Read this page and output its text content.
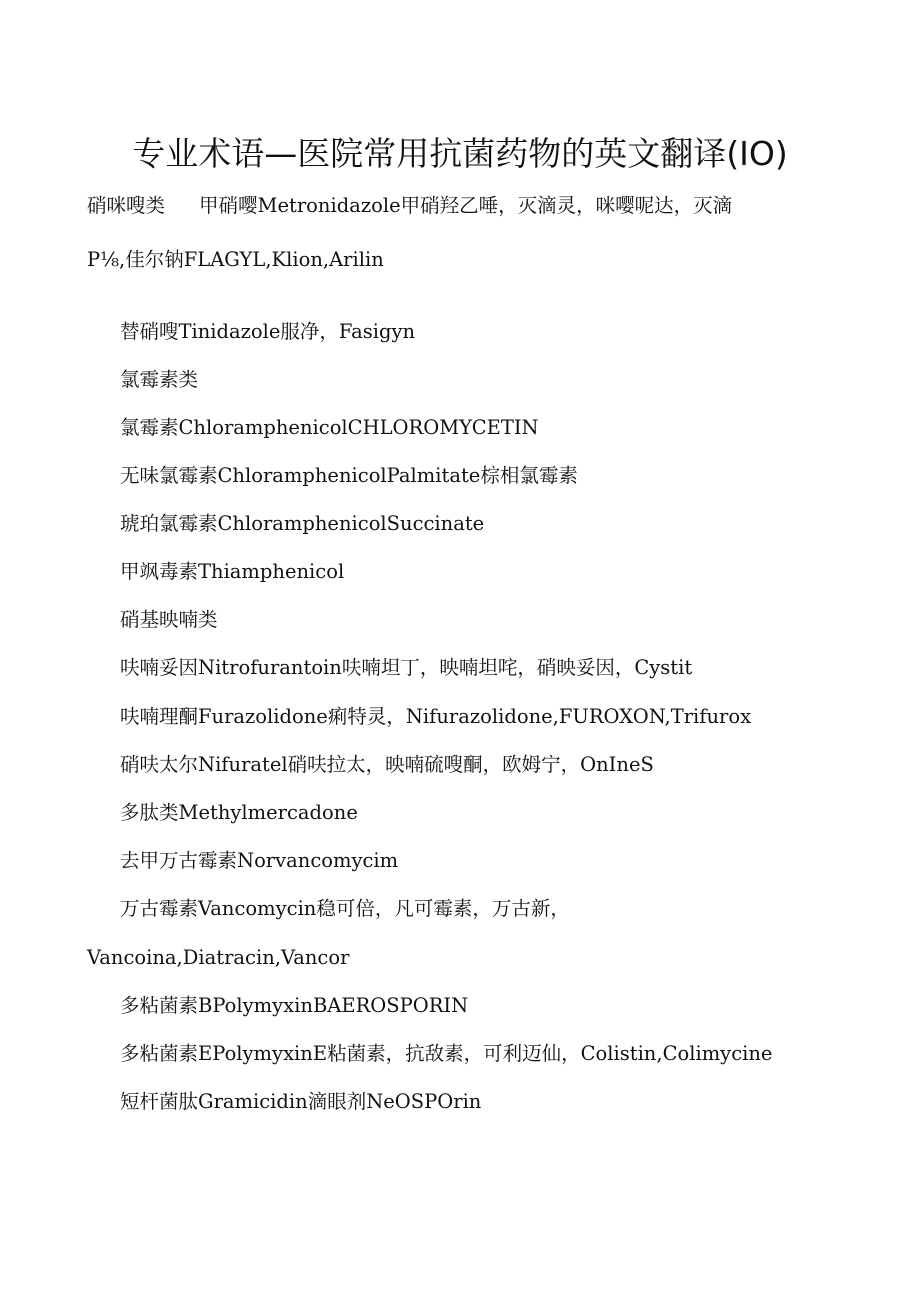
专业术语—医院常用抗菌药物的英文翻译(IO)
硝咪嗖类 甲硝嘤Metronidazole甲硝羟乙唾，灭滴灵，咪嘤呢达，灭滴
P⅛,佳尔钠FLAGYL,Klion,Arilin
替硝嗖Tinidazole服净，Fasigyn
氯霉素类
氯霉素ChloramphenicolCHLOROMYCETIN
无味氯霉素ChloramphenicolPalmitate棕相氯霉素
琥珀氯霉素ChloramphenicolSuccinate
甲飒毒素Thiamphenicol
硝基映喃类
呋喃妥因Nitrofurantoin呋喃坦丁，映喃坦咤，硝映妥因，Cystit
呋喃理酮Furazolidone痢特灵，Nifurazolidone,FUROXON,Trifurox
硝呋太尔Nifuratel硝呋拉太，映喃硫嗖酮，欧姆宁，OnIneS
多肽类Methylmercadone
去甲万古霉素Norvancomycim
万古霉素Vancomycin稳可倍，凡可霉素，万古新，
Vancoina,Diatracin,Vancor
多粘菌素BPolymyxinBAEROSPORIN
多粘菌素EPolymyxinE粘菌素，抗敌素，可利迈仙，Colistin,Colimycine
短杆菌肽Gramicidin滴眼剂NeOSPOrin
